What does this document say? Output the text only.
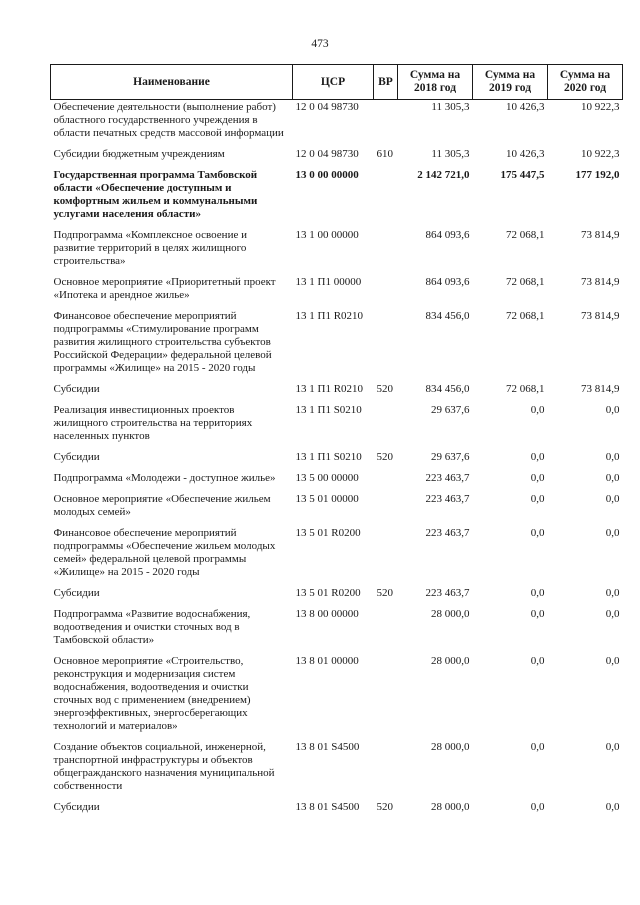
473
Наименование	ЦСР	ВР	Сумма на 2018 год	Сумма на 2019 год	Сумма на 2020 год
Обеспечение деятельности (выполнение работ) областного государственного учреждения в области печатных средств массовой информации	12 0 04 98730		11 305,3	10 426,3	10 922,3
Субсидии бюджетным учреждениям	12 0 04 98730	610	11 305,3	10 426,3	10 922,3
Государственная программа Тамбовской области «Обеспечение доступным и комфортным жильем и коммунальными услугами населения области»	13 0 00 00000		2 142 721,0	175 447,5	177 192,0
Подпрограмма «Комплексное освоение и развитие территорий в целях жилищного строительства»	13 1 00 00000		864 093,6	72 068,1	73 814,9
Основное мероприятие «Приоритетный проект «Ипотека и арендное жилье»	13 1 П1 00000		864 093,6	72 068,1	73 814,9
Финансовое обеспечение мероприятий подпрограммы «Стимулирование программ развития жилищного строительства субъектов Российской Федерации» федеральной целевой программы «Жилище» на 2015 - 2020 годы	13 1 П1 R0210		834 456,0	72 068,1	73 814,9
Субсидии	13 1 П1 R0210	520	834 456,0	72 068,1	73 814,9
Реализация инвестиционных проектов жилищного строительства на территориях населенных пунктов	13 1 П1 S0210		29 637,6	0,0	0,0
Субсидии	13 1 П1 S0210	520	29 637,6	0,0	0,0
Подпрограмма «Молодежи - доступное жилье»	13 5 00 00000		223 463,7	0,0	0,0
Основное мероприятие «Обеспечение жильем молодых семей»	13 5 01 00000		223 463,7	0,0	0,0
Финансовое обеспечение мероприятий подпрограммы «Обеспечение жильем молодых семей» федеральной целевой программы «Жилище» на 2015 - 2020 годы	13 5 01 R0200		223 463,7	0,0	0,0
Субсидии	13 5 01 R0200	520	223 463,7	0,0	0,0
Подпрограмма «Развитие водоснабжения, водоотведения и очистки сточных вод в Тамбовской области»	13 8 00 00000		28 000,0	0,0	0,0
Основное мероприятие «Строительство, реконструкция и модернизация систем водоснабжения, водоотведения и очистки сточных вод с применением (внедрением) энергоэффективных, энергосберегающих технологий и материалов»	13 8 01 00000		28 000,0	0,0	0,0
Создание объектов социальной, инженерной, транспортной инфраструктуры и объектов общегражданского назначения муниципальной собственности	13 8 01 S4500		28 000,0	0,0	0,0
Субсидии	13 8 01 S4500	520	28 000,0	0,0	0,0
